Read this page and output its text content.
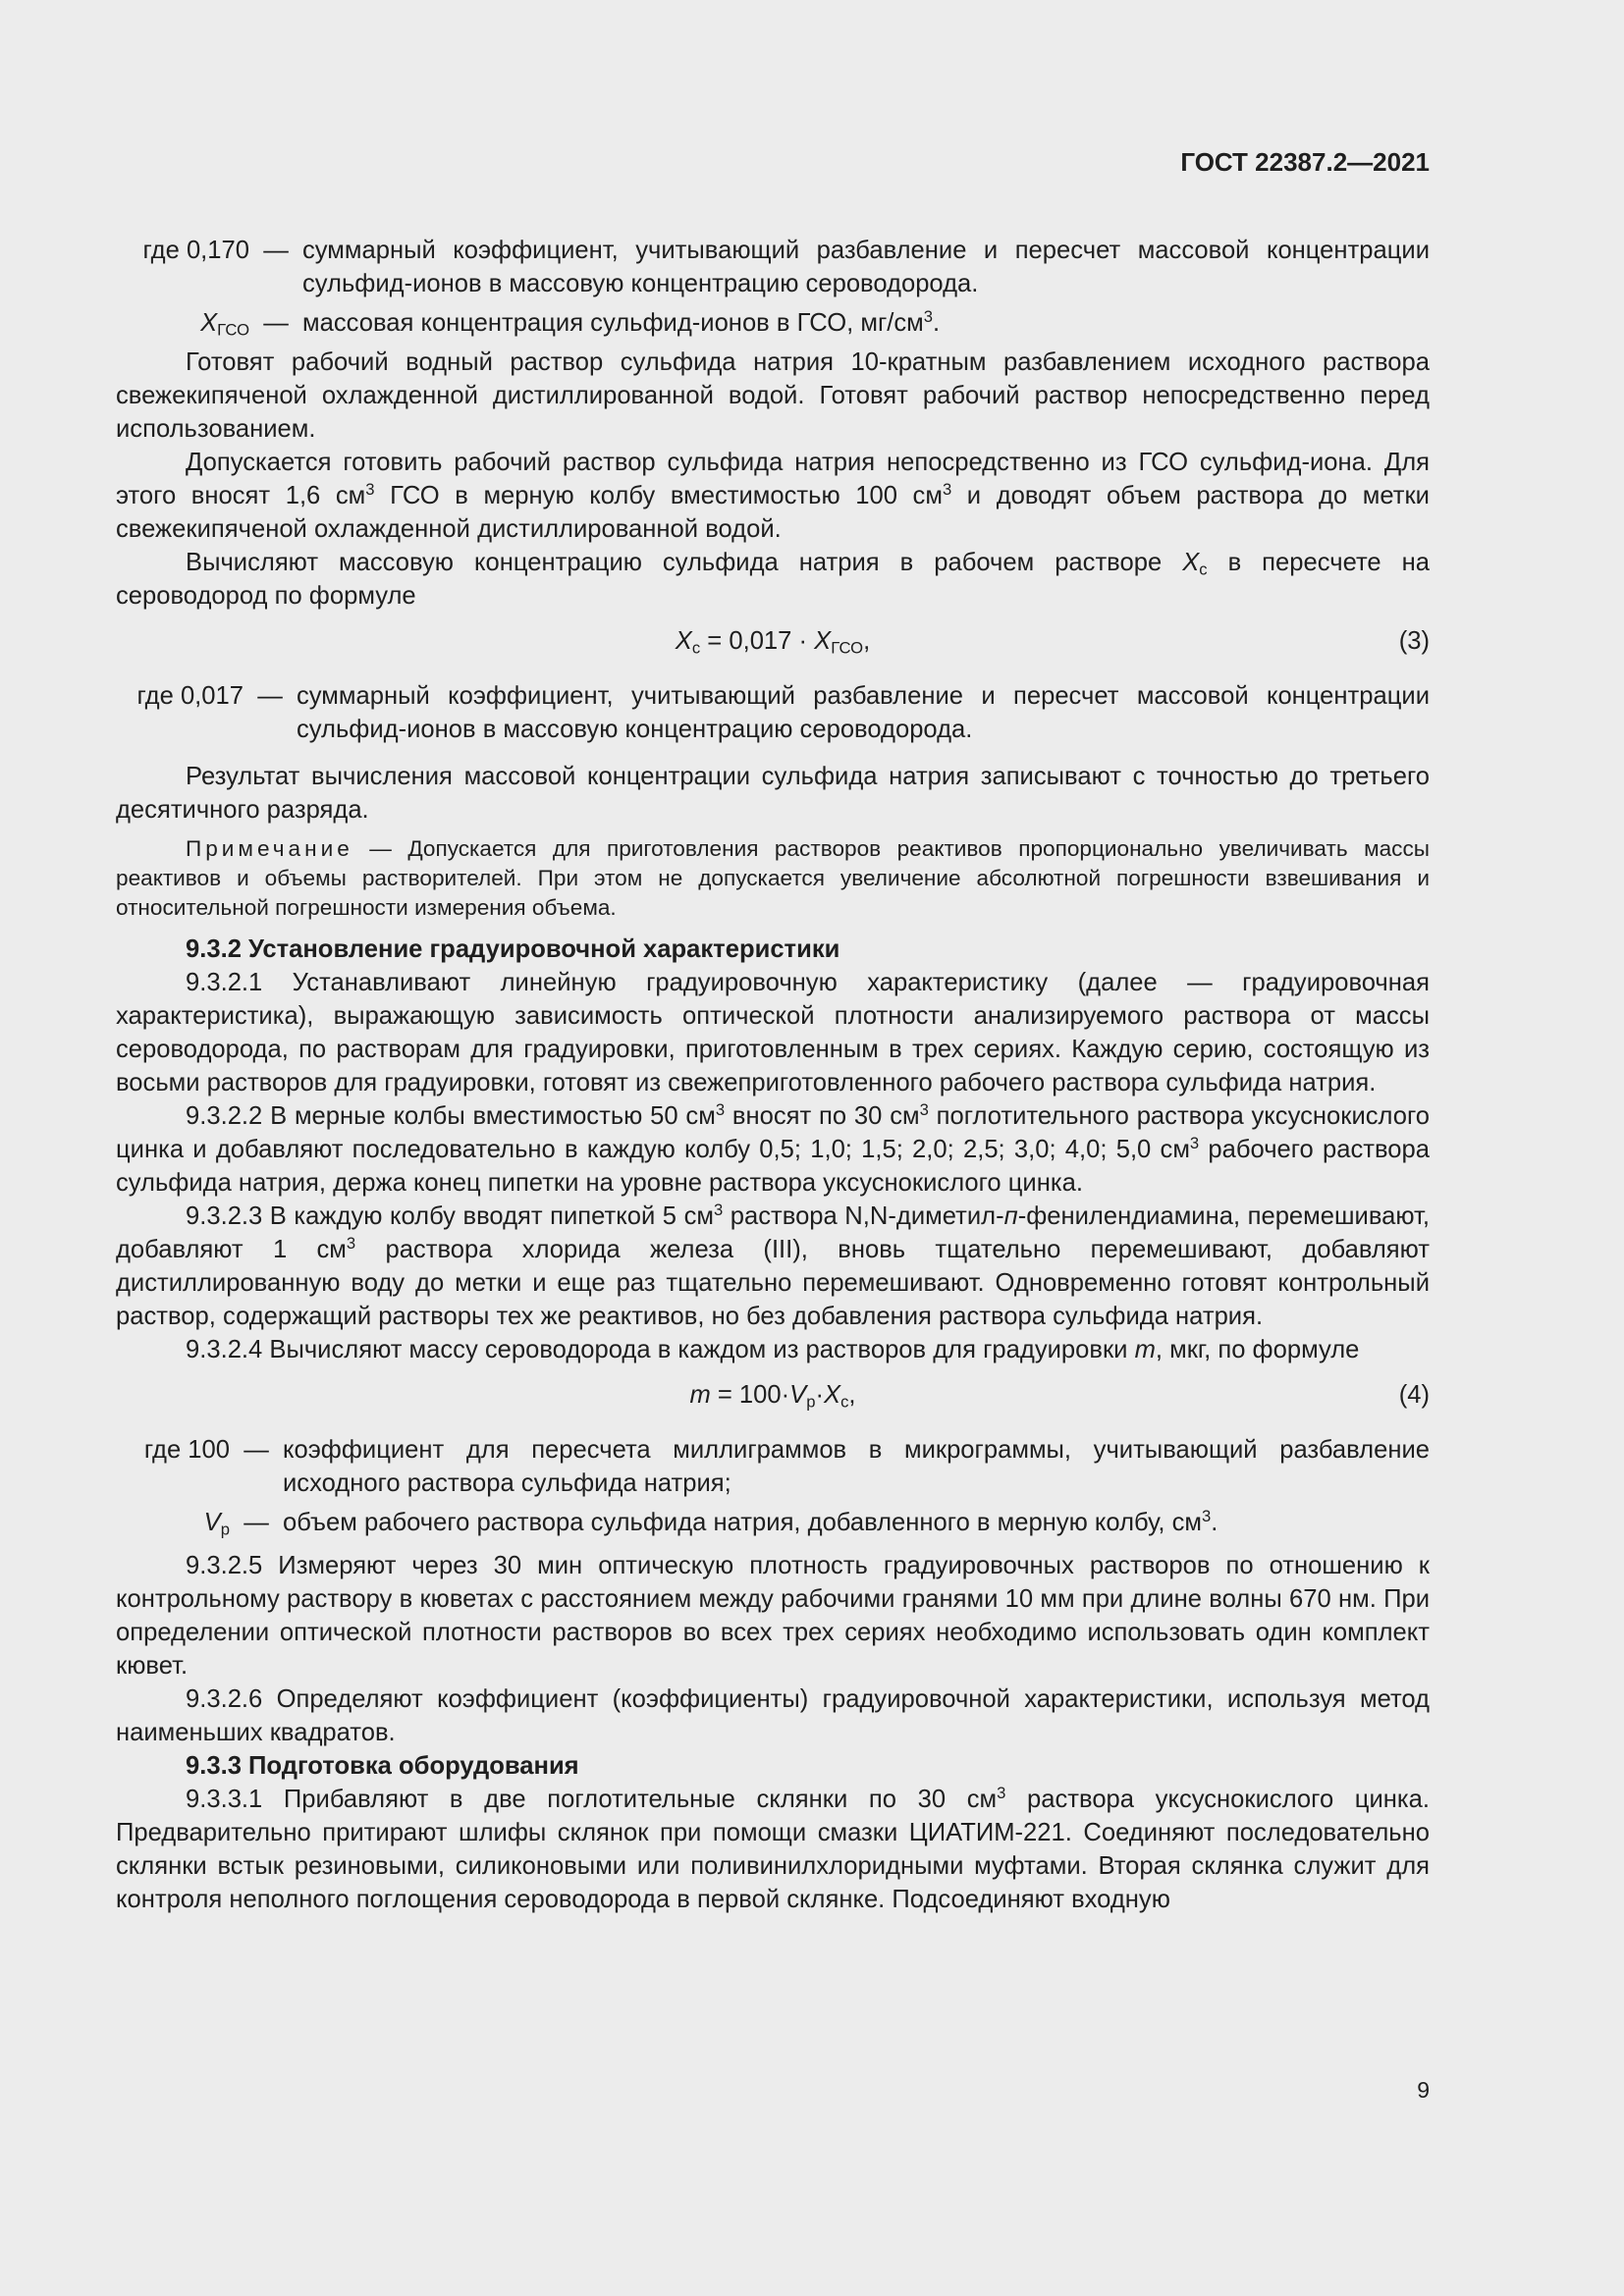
ГОСТ 22387.2—2021
где 0,170 — суммарный коэффициент, учитывающий разбавление и пересчет массовой концентрации сульфид-ионов в массовую концентрацию сероводорода.
$X_{ГСО}$ — массовая концентрация сульфид-ионов в ГСО, $мг/см^3$.

Готовят рабочий водный раствор сульфида натрия 10-кратным разбавлением исходного раствора свежекипяченой охлажденной дистиллированной водой. Готовят рабочий раствор непосредственно перед использованием.

Допускается готовить рабочий раствор сульфида натрия непосредственно из ГСО сульфид-иона. Для этого вносят 1,6 $см^3$ ГСО в мерную колбу вместимостью 100 $см^3$ и доводят объем раствора до метки свежекипяченой охлажденной дистиллированной водой.

Вычисляют массовую концентрацию сульфида натрия в рабочем растворе $X_с$ в пересчете на сероводород по формуле

$X_с = 0,017 \cdot X_{ГСО}$,	(3)
где 0,017 — суммарный коэффициент, учитывающий разбавление и пересчет массовой концентрации сульфид-ионов в массовую концентрацию сероводорода.

Результат вычисления массовой концентрации сульфида натрия записывают с точностью до третьего десятичного разряда.

Примечание — Допускается для приготовления растворов реактивов пропорционально увеличивать массы реактивов и объемы растворителей. При этом не допускается увеличение абсолютной погрешности взвешивания и относительной погрешности измерения объема.

9.3.2 Установление градуировочной характеристики

9.3.2.1 Устанавливают линейную градуировочную характеристику (далее — градуировочная характеристика), выражающую зависимость оптической плотности анализируемого раствора от массы сероводорода, по растворам для градуировки, приготовленным в трех сериях. Каждую серию, состоящую из восьми растворов для градуировки, готовят из свежеприготовленного рабочего раствора сульфида натрия.

9.3.2.2 В мерные колбы вместимостью 50 $см^3$ вносят по 30 $см^3$ поглотительного раствора уксуснокислого цинка и добавляют последовательно в каждую колбу 0,5; 1,0; 1,5; 2,0; 2,5; 3,0; 4,0; 5,0 $см^3$ рабочего раствора сульфида натрия, держа конец пипетки на уровне раствора уксуснокислого цинка.

9.3.2.3 В каждую колбу вводят пипеткой 5 $см^3$ раствора N,N-диметил-п-фенилендиамина, перемешивают, добавляют 1 $см^3$ раствора хлорида железа (III), вновь тщательно перемешивают, добавляют дистиллированную воду до метки и еще раз тщательно перемешивают. Одновременно готовят контрольный раствор, содержащий растворы тех же реактивов, но без добавления раствора сульфида натрия.

9.3.2.4 Вычисляют массу сероводорода в каждом из растворов для градуировки m, мкг, по формуле

$m = 100\cdot V_р\cdot X_с$,	(4)
где 100 — коэффициент для пересчета миллиграммов в микрограммы, учитывающий разбавление исходного раствора сульфида натрия;
$V_р$ — объем рабочего раствора сульфида натрия, добавленного в мерную колбу, $см^3$.

9.3.2.5 Измеряют через 30 мин оптическую плотность градуировочных растворов по отношению к контрольному раствору в кюветах с расстоянием между рабочими гранями 10 мм при длине волны 670 нм. При определении оптической плотности растворов во всех трех сериях необходимо использовать один комплект кювет.

9.3.2.6 Определяют коэффициент (коэффициенты) градуировочной характеристики, используя метод наименьших квадратов.

9.3.3 Подготовка оборудования

9.3.3.1 Прибавляют в две поглотительные склянки по 30 $см^3$ раствора уксуснокислого цинка. Предварительно притирают шлифы склянок при помощи смазки ЦИАТИМ-221. Соединяют последовательно склянки встык резиновыми, силиконовыми или поливинилхлоридными муфтами. Вторая склянка служит для контроля неполного поглощения сероводорода в первой склянке. Подсоединяют входную

9
